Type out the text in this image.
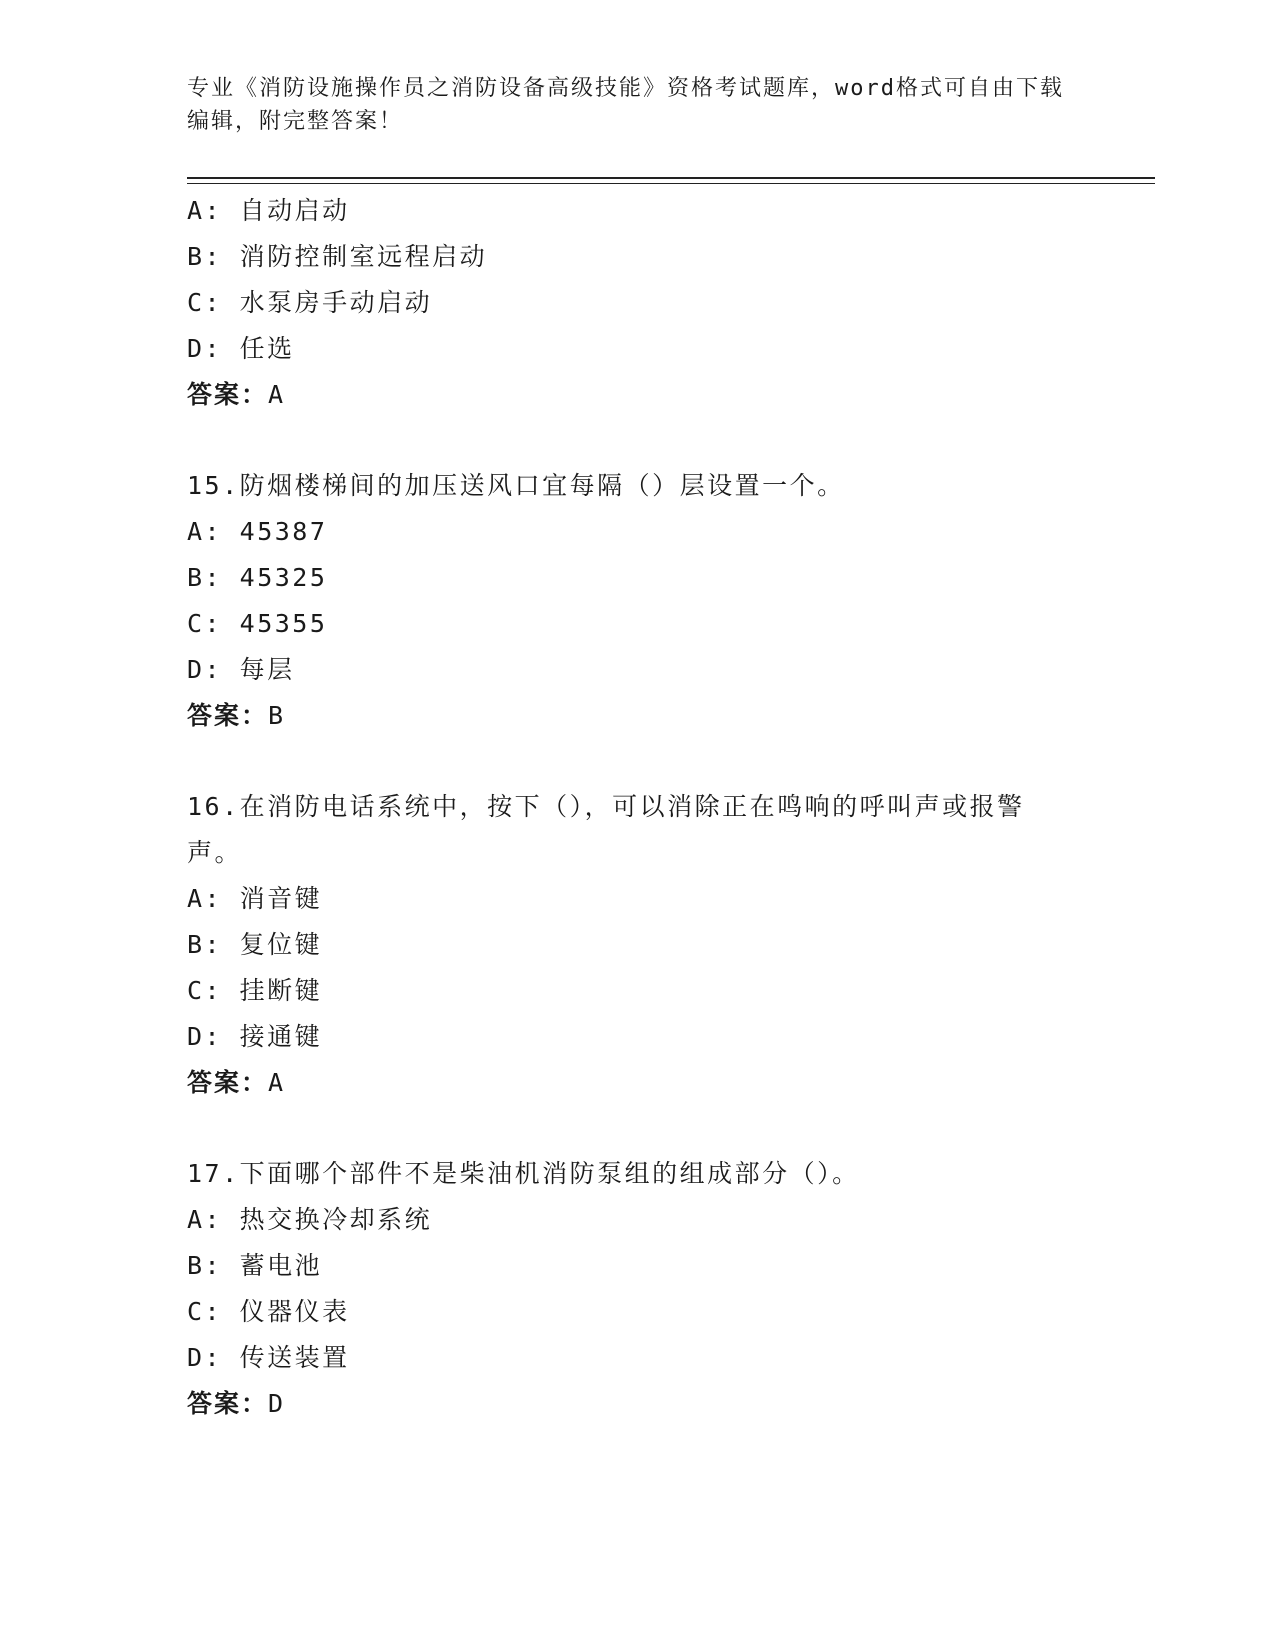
专业《消防设施操作员之消防设备高级技能》资格考试题库，word格式可自由下载编辑，附完整答案！
A: 自动启动
B: 消防控制室远程启动
C: 水泵房手动启动
D: 任选
答案：A
15.防烟楼梯间的加压送风口宜每隔（）层设置一个。
A: 45387
B: 45325
C: 45355
D: 每层
答案：B
16.在消防电话系统中，按下（），可以消除正在鸣响的呼叫声或报警声。
A: 消音键
B: 复位键
C: 挂断键
D: 接通键
答案：A
17.下面哪个部件不是柴油机消防泵组的组成部分（）。
A: 热交换冷却系统
B: 蓄电池
C: 仪器仪表
D: 传送装置
答案：D
